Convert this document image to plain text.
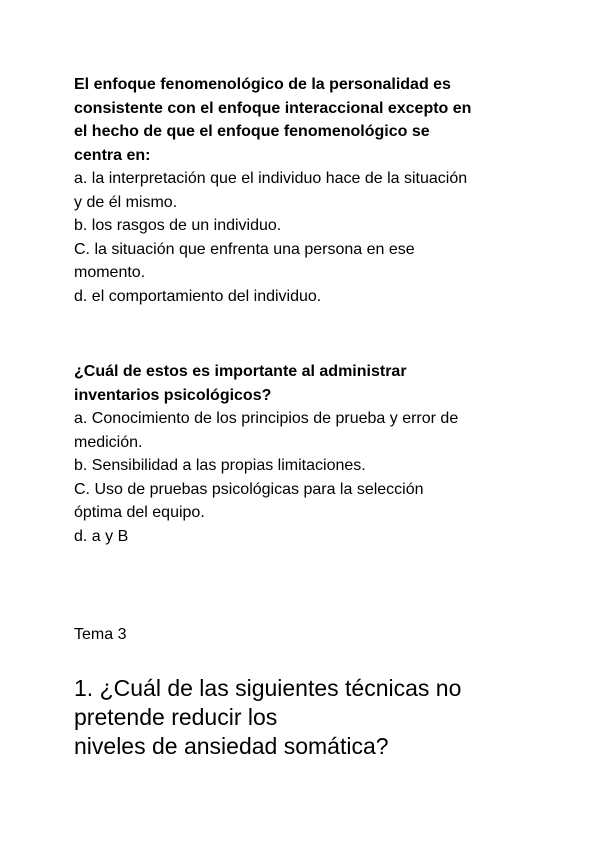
El enfoque fenomenológico de la personalidad es

consistente con el enfoque interaccional excepto en

el hecho de que el enfoque fenomenológico se

centra en:

a. la interpretación que el individuo hace de la situación

y de él mismo.

b. los rasgos de un individuo.

C. la situación que enfrenta una persona en ese

momento.

d. el comportamiento del individuo.

¿Cuál de estos es importante al administrar

inventarios psicológicos?

a. Conocimiento de los principios de prueba y error de

medición.

b. Sensibilidad a las propias limitaciones.

C. Uso de pruebas psicológicas para la selección

óptima del equipo.

d. a y B

Tema 3

1. ¿Cuál de las siguientes técnicas no

pretende reducir los

niveles de ansiedad somática?
